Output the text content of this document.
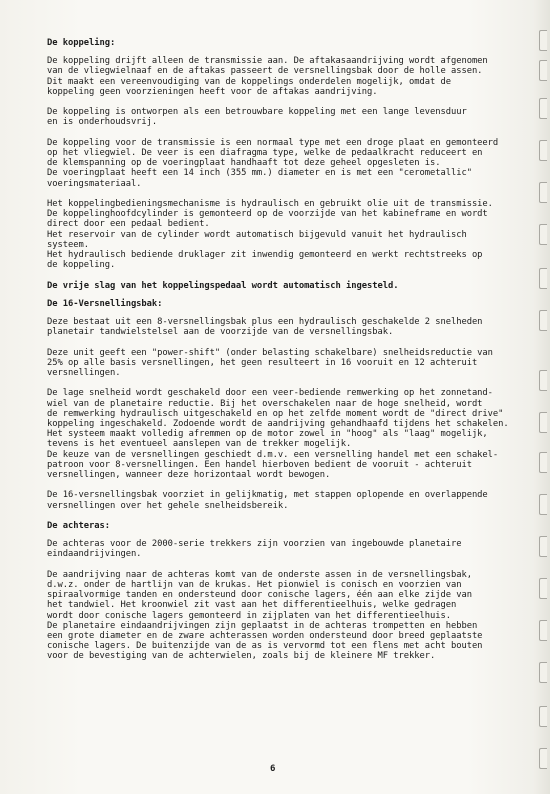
De koppeling:
De koppeling drijft alleen de transmissie aan. De aftakasaandrijving wordt afgenomen
van de vliegwielnaaf en de aftakas passeert de versnellingsbak door de holle assen.
Dit maakt een vereenvoudiging van de koppelings onderdelen mogelijk, omdat de
koppeling geen voorzieningen heeft voor de aftakas aandrijving.
De koppeling is ontworpen als een betrouwbare koppeling met een lange levensduur
en is onderhoudsvrij.
De koppeling voor de transmissie is een normaal type met een droge plaat en gemonteerd
op het vliegwiel. De veer is een diafragma type, welke de pedaalkracht reduceert en
de klemspanning op de voeringplaat handhaaft tot deze geheel opgesleten is.
De voeringplaat heeft een 14 inch (355 mm.) diameter en is met een "cerometallic"
voeringsmateriaal.
Het koppelingbedieningsmechanisme is hydraulisch en gebruikt olie uit de transmissie.
De koppelinghoofdcylinder is gemonteerd op de voorzijde van het kabineframe en wordt
direct door een pedaal bedient.
Het reservoir van de cylinder wordt automatisch bijgevuld vanuit het hydraulisch
systeem.
Het hydraulisch bediende druklager zit inwendig gemonteerd en werkt rechtstreeks op
de koppeling.
De vrije slag van het koppelingspedaal wordt automatisch ingesteld.
De 16-Versnellingsbak:
Deze bestaat uit een 8-versnellingsbak plus een hydraulisch geschakelde 2 snelheden
planetair tandwielstelsel aan de voorzijde van de versnellingsbak.
Deze unit geeft een "power-shift" (onder belasting schakelbare) snelheidsreductie van
25% op alle basis versnellingen, het geen resulteert in 16 vooruit en 12 achteruit
versnellingen.
De lage snelheid wordt geschakeld door een veer-bediende remwerking op het zonnetand-
wiel van de planetaire reductie. Bij het overschakelen naar de hoge snelheid, wordt
de remwerking hydraulisch uitgeschakeld en op het zelfde moment wordt de "direct drive"
koppeling ingeschakeld. Zodoende wordt de aandrijving gehandhaafd tijdens het schakelen.
Het systeem maakt volledig afremmen op de motor zowel in "hoog" als "laag" mogelijk,
tevens is het eventueel aanslepen van de trekker mogelijk.
De keuze van de versnellingen geschiedt d.m.v. een versnelling handel met een schakel-
patroon voor 8-versnellingen. Een handel hierboven bedient de vooruit - achteruit
versnellingen, wanneer deze horizontaal wordt bewogen.
De 16-versnellingsbak voorziet in gelijkmatig, met stappen oplopende en overlappende
versnellingen over het gehele snelheidsbereik.
De achteras:
De achteras voor de 2000-serie trekkers zijn voorzien van ingebouwde planetaire
eindaandrijvingen.
De aandrijving naar de achteras komt van de onderste assen in de versnellingsbak,
d.w.z. onder de hartlijn van de krukas. Het pionwiel is conisch en voorzien van
spiraalvormige tanden en ondersteund door conische lagers, één aan elke zijde van
het tandwiel. Het kroonwiel zit vast aan het differentieelhuis, welke gedragen
wordt door conische lagers gemonteerd in zijplaten van het differentieelhuis.
De planetaire eindaandrijvingen zijn geplaatst in de achteras trompetten en hebben
een grote diameter en de zware achterassen worden ondersteund door breed geplaatste
conische lagers. De buitenzijde van de as is vervormd tot een flens met acht bouten
voor de bevestiging van de achterwielen, zoals bij de kleinere MF trekker.
6
